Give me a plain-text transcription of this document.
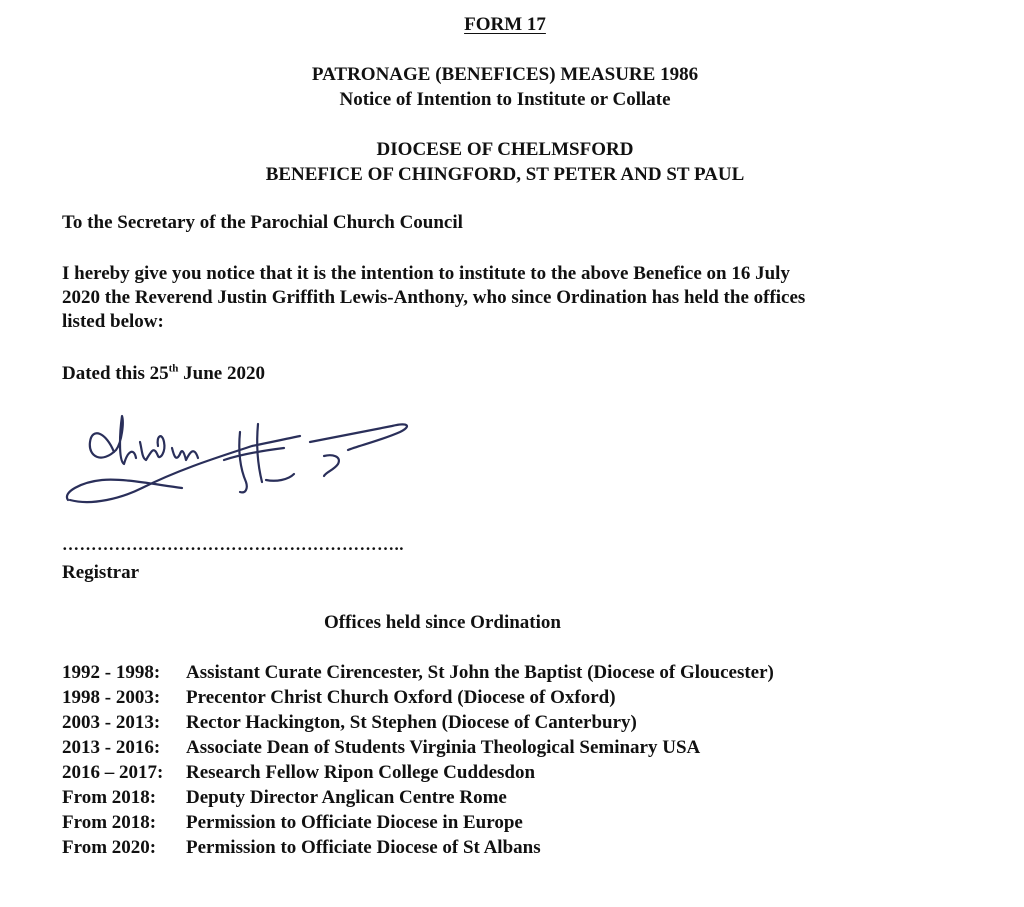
FORM 17
PATRONAGE (BENEFICES) MEASURE 1986
Notice of Intention to Institute or Collate
DIOCESE OF CHELMSFORD
BENEFICE OF CHINGFORD, ST PETER AND ST PAUL
To the Secretary of the Parochial Church Council
I hereby give you notice that it is the intention to institute to the above Benefice on 16 July
2020 the Reverend Justin Griffith Lewis-Anthony, who since Ordination has held the offices
listed below:
Dated this 25th June 2020
…………………………………………………..
Registrar
Offices held since Ordination
1992 - 1998:	Assistant Curate Cirencester, St John the Baptist (Diocese of Gloucester)
1998 - 2003:	Precentor Christ Church Oxford (Diocese of Oxford)
2003 - 2013:	Rector Hackington, St Stephen (Diocese of Canterbury)
2013 - 2016:	Associate Dean of Students Virginia Theological Seminary USA
2016 – 2017:	Research Fellow Ripon College Cuddesdon
From 2018:	Deputy Director Anglican Centre Rome
From 2018:	Permission to Officiate Diocese in Europe
From 2020:	Permission to Officiate Diocese of St Albans
